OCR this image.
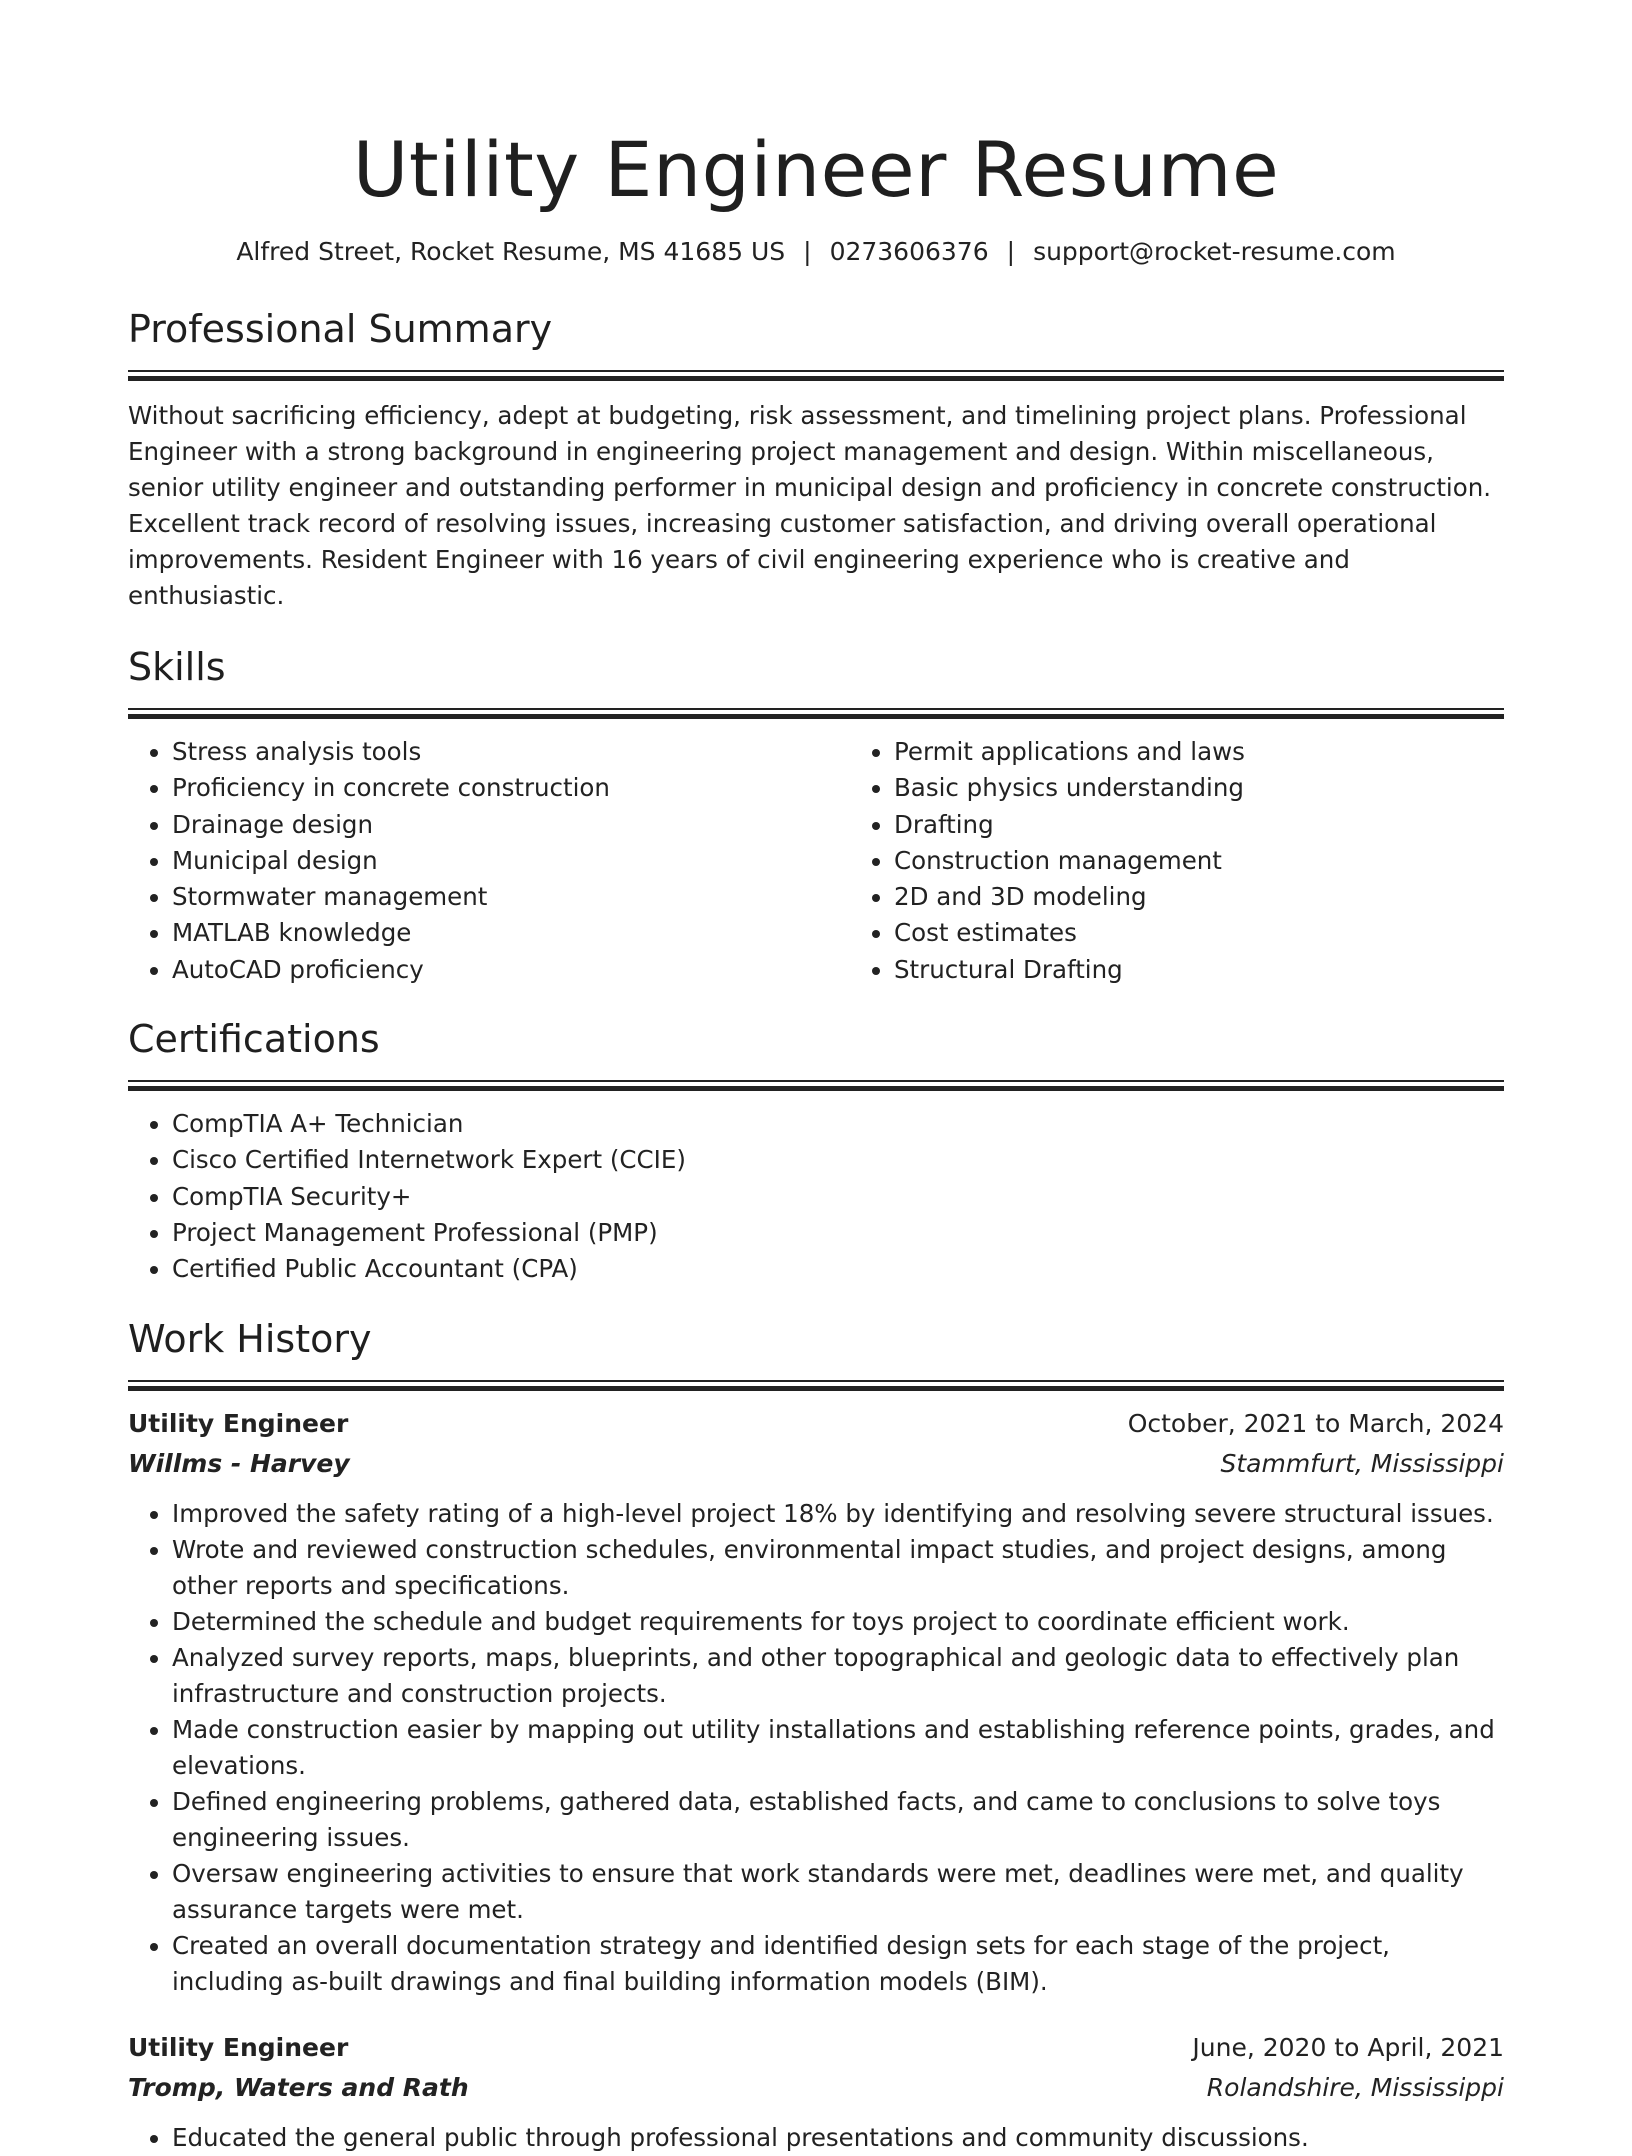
Utility Engineer Resume
Alfred Street, Rocket Resume, MS 41685 US | 0273606376 | support@rocket-resume.com
Professional Summary

Without sacrificing efficiency, adept at budgeting, risk assessment, and timelining project plans. Professional Engineer with a strong background in engineering project management and design. Within miscellaneous, senior utility engineer and outstanding performer in municipal design and proficiency in concrete construction. Excellent track record of resolving issues, increasing customer satisfaction, and driving overall operational improvements. Resident Engineer with 16 years of civil engineering experience who is creative and enthusiastic.

Skills
• Stress analysis tools
• Proficiency in concrete construction
• Drainage design
• Municipal design
• Stormwater management
• MATLAB knowledge
• AutoCAD proficiency
• Permit applications and laws
• Basic physics understanding
• Drafting
• Construction management
• 2D and 3D modeling
• Cost estimates
• Structural Drafting
Certifications
• CompTIA A+ Technician
• Cisco Certified Internetwork Expert (CCIE)
• CompTIA Security+
• Project Management Professional (PMP)
• Certified Public Accountant (CPA)
Work History
Utility Engineer	October, 2021 to March, 2024
Willms - Harvey	Stammfurt, Mississippi
• Improved the safety rating of a high-level project 18% by identifying and resolving severe structural issues.
• Wrote and reviewed construction schedules, environmental impact studies, and project designs, among other reports and specifications.
• Determined the schedule and budget requirements for toys project to coordinate efficient work.
• Analyzed survey reports, maps, blueprints, and other topographical and geologic data to effectively plan infrastructure and construction projects.
• Made construction easier by mapping out utility installations and establishing reference points, grades, and elevations.
• Defined engineering problems, gathered data, established facts, and came to conclusions to solve toys engineering issues.
• Oversaw engineering activities to ensure that work standards were met, deadlines were met, and quality assurance targets were met.
• Created an overall documentation strategy and identified design sets for each stage of the project, including as-built drawings and final building information models (BIM).
Utility Engineer	June, 2020 to April, 2021
Tromp, Waters and Rath	Rolandshire, Mississippi
• Educated the general public through professional presentations and community discussions.
